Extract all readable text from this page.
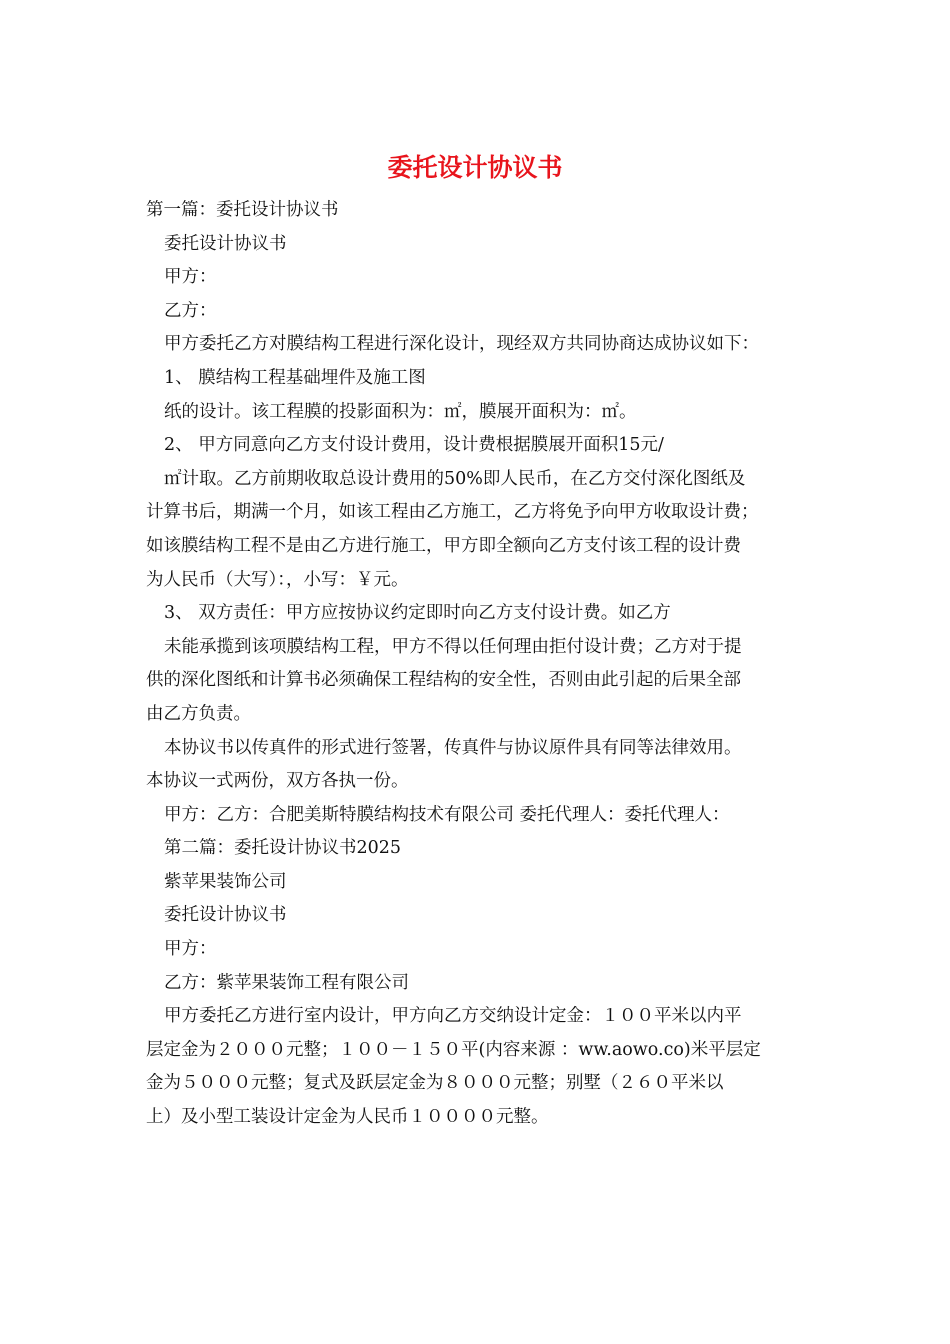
委托设计协议书

第一篇：委托设计协议书

委托设计协议书

甲方：

乙方：

甲方委托乙方对膜结构工程进行深化设计，现经双方共同协商达成协议如下：

1、 膜结构工程基础埋件及施工图

纸的设计。该工程膜的投影面积为：㎡，膜展开面积为：㎡。

2、 甲方同意向乙方支付设计费用，设计费根据膜展开面积15元/

㎡计取。乙方前期收取总设计费用的50%即人民币，在乙方交付深化图纸及

计算书后，期满一个月，如该工程由乙方施工，乙方将免予向甲方收取设计费；

如该膜结构工程不是由乙方进行施工，甲方即全额向乙方支付该工程的设计费

为人民币（大写）：，小写：￥元。

3、 双方责任：甲方应按协议约定即时向乙方支付设计费。如乙方

未能承揽到该项膜结构工程，甲方不得以任何理由拒付设计费；乙方对于提

供的深化图纸和计算书必须确保工程结构的安全性，否则由此引起的后果全部

由乙方负责。

本协议书以传真件的形式进行签署，传真件与协议原件具有同等法律效用。

本协议一式两份，双方各执一份。

甲方：乙方：合肥美斯特膜结构技术有限公司 委托代理人：委托代理人：

第二篇：委托设计协议书2025

紫苹果装饰公司

委托设计协议书

甲方：

乙方：紫苹果装饰工程有限公司

甲方委托乙方进行室内设计，甲方向乙方交纳设计定金：１００平米以内平

层定金为２０００元整；１００－１５０平(内容来源 ：ww.aowo.co)米平层定

金为５０００元整；复式及跃层定金为８０００元整；别墅（２６０平米以

上）及小型工装设计定金为人民币１００００元整。
